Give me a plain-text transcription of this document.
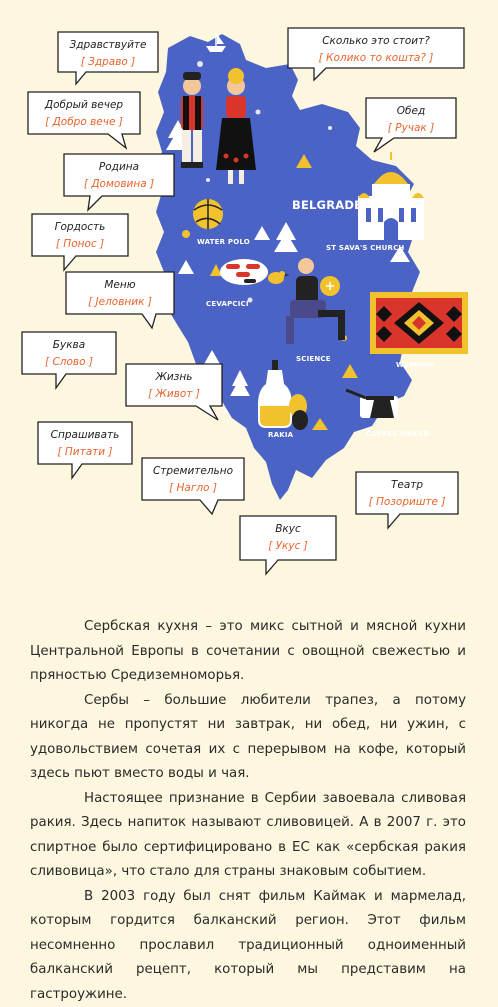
BELGRADE
ST SAVA'S CHURCH
WATER POLO
CEVAPCICI
SCIENCE
WEAVING
RAKIA	COFFEE MAKER
Здравствуйте
[ Здраво ]
Сколько это стоит?
[ Колико то кошта? ]
Добрый вечер
[ Добро вече ]
Обед
[ Ручак ]
Родина
[ Домовина ]
Гордость
[ Понос ]
Меню
[ Јеловник ]
Буква
[ Слово ]
Жизнь
[ Живот ]
Спрашивать
[ Питати ]
Стремительно
[ Нагло ]	Театр
[ Позориште ]
Вкус
[ Укус ]

Сербская кухня – это микс сытной и мясной кухни Центральной Европы в сочетании с овощной свежестью и пряностью Средиземноморья.

Сербы – большие любители трапез, а потому никогда не пропустят ни завтрак, ни обед, ни ужин, с удовольствием сочетая их с перерывом на кофе, который здесь пьют вместо воды и чая.

Настоящее признание в Сербии завоевала сливовая ракия. Здесь напиток называют сливовицей. А в 2007 г. это спиртное было сертифицировано в ЕС как «сербская ракия сливовица», что стало для страны знаковым событием.

В 2003 году был снят фильм Каймак и мармелад, которым гордится балканский регион. Этот фильм несомненно прославил традиционный одноименный балканский рецепт, который мы представим на гастроужине.
